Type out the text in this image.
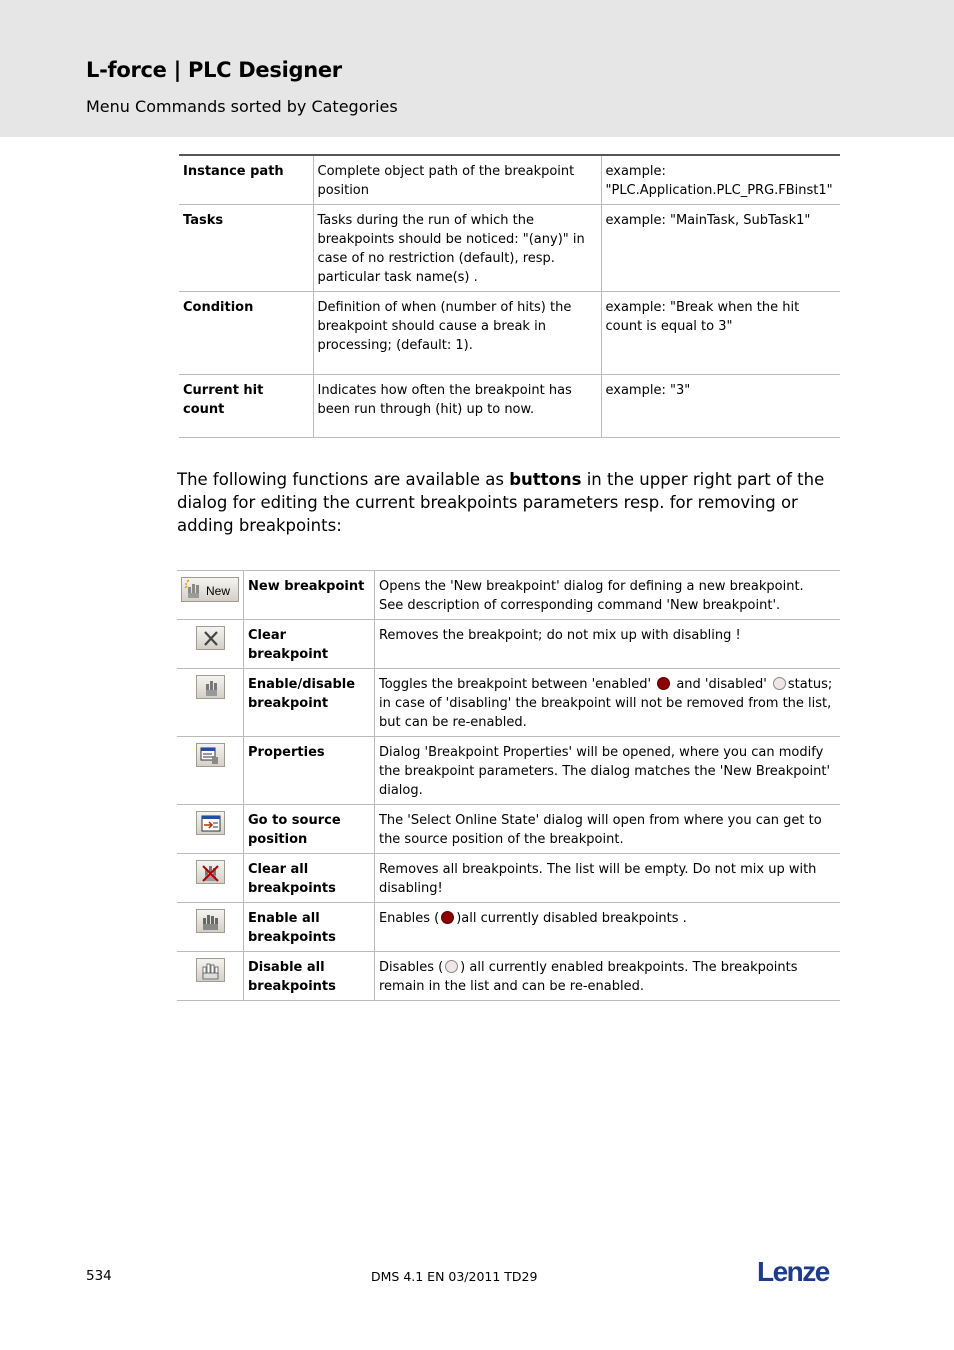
L-force | PLC Designer
Menu Commands sorted by Categories
Instance path	Complete object path of the breakpoint position	example: "PLC.Application.PLC_PRG.FBinst1"
Tasks	Tasks during the run of which the breakpoints should be noticed: "(any)" in case of no restriction (default), resp. particular task name(s) .	example: "MainTask, SubTask1"
Condition	Definition of when (number of hits) the breakpoint should cause a break in processing; (default: 1).	example: "Break when the hit count is equal to 3"
Current hit count	Indicates how often the breakpoint has been run through (hit) up to now.	example: "3"

The following functions are available as buttons in the upper right part of the dialog for editing the current breakpoints parameters resp. for removing or adding breakpoints:

New	New breakpoint	Opens the 'New breakpoint' dialog for defining a new breakpoint.
See description of corresponding command 'New breakpoint'.

	Clear breakpoint	Removes the breakpoint; do not mix up with disabling !

	Enable/disable breakpoint	Toggles the breakpoint between 'enabled'  and 'disabled' status; in case of 'disabling' the breakpoint will not be removed from the list, but can be re-enabled.

	Properties	Dialog 'Breakpoint Properties' will be opened, where you can modify the breakpoint parameters. The dialog matches the 'New Breakpoint' dialog.

	Go to source position	The 'Select Online State' dialog will open from where you can get to the source position of the breakpoint.

	Clear all breakpoints	Removes all breakpoints. The list will be empty. Do not mix up with disabling!

	Enable all breakpoints	Enables ( )all currently disabled breakpoints .

	Disable all breakpoints	Disables ( ) all currently enabled breakpoints. The breakpoints remain in the list and can be re-enabled.
534	DMS 4.1 EN 03/2011 TD29	Lenze
